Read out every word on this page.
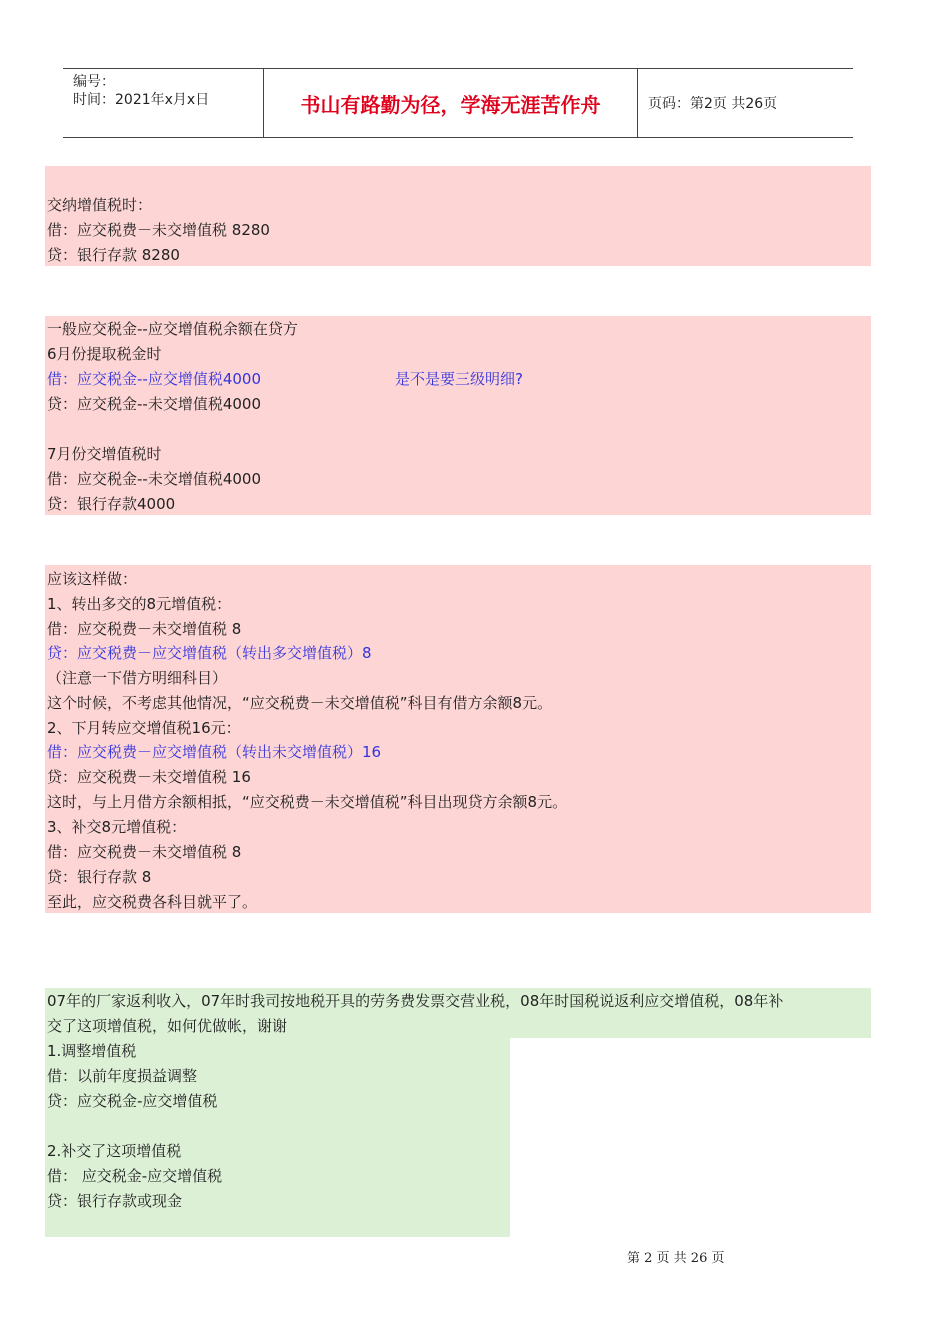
编号：
时间：2021年x月x日	书山有路勤为径，学海无涯苦作舟	页码：第2页 共26页
交纳增值税时：
借：应交税费－未交增值税 8280
贷：银行存款 8280
一般应交税金--应交增值税余额在贷方
6月份提取税金时
借：应交税金--应交增值税4000	是不是要三级明细?
贷：应交税金--未交增值税4000
7月份交增值税时
借：应交税金--未交增值税4000
贷：银行存款4000
应该这样做：
1、转出多交的8元增值税：
借：应交税费－未交增值税 8
贷：应交税费－应交增值税（转出多交增值税）8
（注意一下借方明细科目）
这个时候，不考虑其他情况，“应交税费－未交增值税”科目有借方余额8元。
2、下月转应交增值税16元：
借：应交税费－应交增值税（转出未交增值税）16
贷：应交税费－未交增值税 16
这时，与上月借方余额相抵，“应交税费－未交增值税”科目出现贷方余额8元。
3、补交8元增值税：
借：应交税费－未交增值税 8
贷：银行存款 8
至此，应交税费各科目就平了。
07年的厂家返利收入，07年时我司按地税开具的劳务费发票交营业税，08年时国税说返利应交增值税，08年补
交了这项增值税，如何优做帐，谢谢
1.调整增值税
借：以前年度损益调整
贷：应交税金-应交增值税
2.补交了这项增值税
借： 应交税金-应交增值税
贷：银行存款或现金
第 2 页 共 26 页
